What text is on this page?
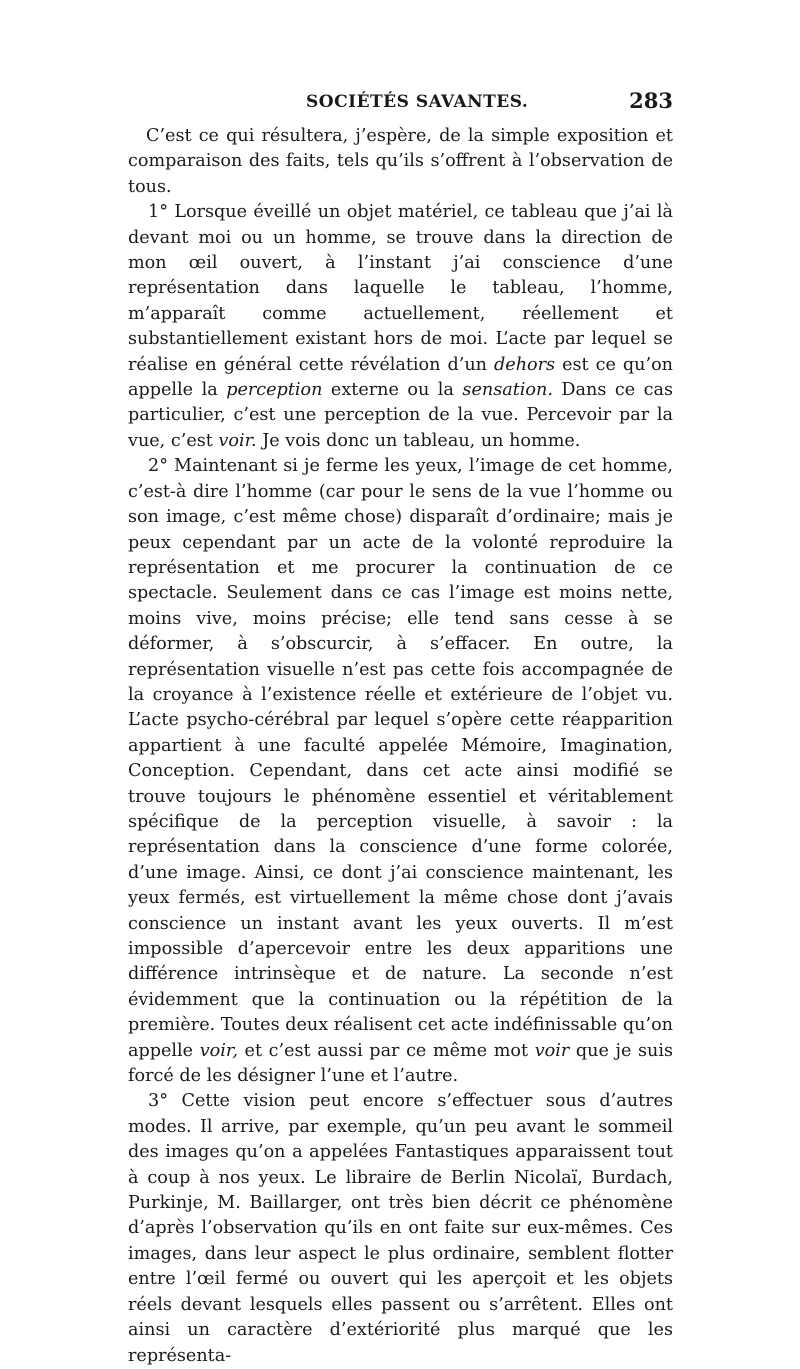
SOCIÉTÉS SAVANTES.	283

C’est ce qui résultera, j’espère, de la simple exposition et comparaison des faits, tels qu’ils s’offrent à l’observation de tous.

1° Lorsque éveillé un objet matériel, ce tableau que j’ai là devant moi ou un homme, se trouve dans la direction de mon œil ouvert, à l’instant j’ai conscience d’une représentation dans laquelle le tableau, l’homme, m’apparaît comme actuellement, réellement et substantiellement existant hors de moi. L’acte par lequel se réalise en général cette révélation d’un dehors est ce qu’on appelle la perception externe ou la sensation. Dans ce cas particulier, c’est une perception de la vue. Percevoir par la vue, c’est voir. Je vois donc un tableau, un homme.

2° Maintenant si je ferme les yeux, l’image de cet homme, c’est-à dire l’homme (car pour le sens de la vue l’homme ou son image, c’est même chose) disparaît d’ordinaire; mais je peux cependant par un acte de la volonté reproduire la représentation et me procurer la continuation de ce spectacle. Seulement dans ce cas l’image est moins nette, moins vive, moins précise; elle tend sans cesse à se déformer, à s’obscurcir, à s’effacer. En outre, la représentation visuelle n’est pas cette fois accompagnée de la croyance à l’existence réelle et extérieure de l’objet vu. L’acte psycho-cérébral par lequel s’opère cette réapparition appartient à une faculté appelée Mémoire, Imagination, Conception. Cependant, dans cet acte ainsi modifié se trouve toujours le phénomène essentiel et véritablement spécifique de la perception visuelle, à savoir : la représentation dans la conscience d’une forme colorée, d’une image. Ainsi, ce dont j’ai conscience maintenant, les yeux fermés, est virtuellement la même chose dont j’avais conscience un instant avant les yeux ouverts. Il m’est impossible d’apercevoir entre les deux apparitions une différence intrinsèque et de nature. La seconde n’est évidemment que la continuation ou la répétition de la première. Toutes deux réalisent cet acte indéfinissable qu’on appelle voir, et c’est aussi par ce même mot voir que je suis forcé de les désigner l’une et l’autre.

3° Cette vision peut encore s’effectuer sous d’autres modes. Il arrive, par exemple, qu’un peu avant le sommeil des images qu’on a appelées Fantastiques apparaissent tout à coup à nos yeux. Le libraire de Berlin Nicolaï, Burdach, Purkinje, M. Baillarger, ont très bien décrit ce phénomène d’après l’observation qu’ils en ont faite sur eux-mêmes. Ces images, dans leur aspect le plus ordinaire, semblent flotter entre l’œil fermé ou ouvert qui les aperçoit et les objets réels devant lesquels elles passent ou s’arrêtent. Elles ont ainsi un caractère d’extériorité plus marqué que les représenta-
